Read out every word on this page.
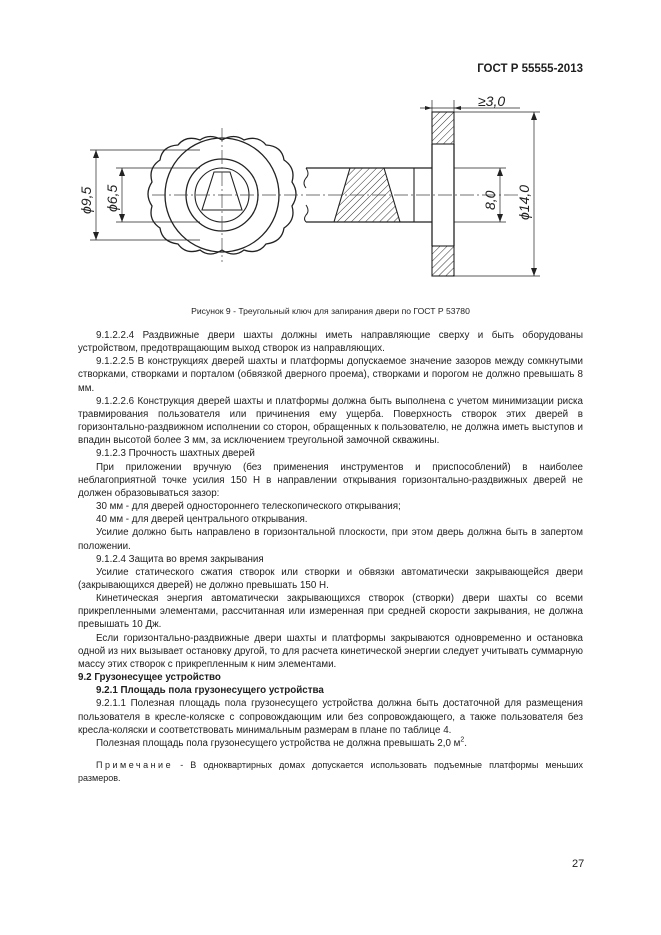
ГОСТ Р 55555-2013
ϕ9,5 ϕ6,5
≥3,0
8,0 ϕ14,0
Рисунок 9 - Треугольный ключ для запирания двери по ГОСТ Р 53780

9.1.2.2.4 Раздвижные двери шахты должны иметь направляющие сверху и быть оборудованы устройством, предотвращающим выход створок из направляющих.

9.1.2.2.5 В конструкциях дверей шахты и платформы допускаемое значение зазоров между сомкнутыми створками, створками и порталом (обвязкой дверного проема), створками и порогом не должно превышать 8 мм.

9.1.2.2.6 Конструкция дверей шахты и платформы должна быть выполнена с учетом минимизации риска травмирования пользователя или причинения ему ущерба. Поверхность створок этих дверей в горизонтально-раздвижном исполнении со сторон, обращенных к пользователю, не должна иметь выступов и впадин высотой более 3 мм, за исключением треугольной замочной скважины.

9.1.2.3 Прочность шахтных дверей

При приложении вручную (без применения инструментов и приспособлений) в наиболее неблагоприятной точке усилия 150 Н в направлении открывания горизонтально-раздвижных дверей не должен образовываться зазор:

30 мм - для дверей одностороннего телескопического открывания;

40 мм - для дверей центрального открывания.

Усилие должно быть направлено в горизонтальной плоскости, при этом дверь должна быть в запертом положении.

9.1.2.4 Защита во время закрывания

Усилие статического сжатия створок или створки и обвязки автоматически закрывающейся двери (закрывающихся дверей) не должно превышать 150 Н.

Кинетическая энергия автоматически закрывающихся створок (створки) двери шахты со всеми прикрепленными элементами, рассчитанная или измеренная при средней скорости закрывания, не должна превышать 10 Дж.

Если горизонтально-раздвижные двери шахты и платформы закрываются одновременно и остановка одной из них вызывает остановку другой, то для расчета кинетической энергии следует учитывать суммарную массу этих створок с прикрепленным к ним элементами.

9.2 Грузонесущее устройство

9.2.1 Площадь пола грузонесущего устройства

9.2.1.1 Полезная площадь пола грузонесущего устройства должна быть достаточной для размещения пользователя в кресле-коляске с сопровождающим или без сопровождающего, а также пользователя без кресла-коляски и соответствовать минимальным размерам в плане по таблице 4.

Полезная площадь пола грузонесущего устройства не должна превышать 2,0 $м^2$.

Примечание - В одноквартирных домах допускается использовать подъемные платформы меньших размеров.

27
